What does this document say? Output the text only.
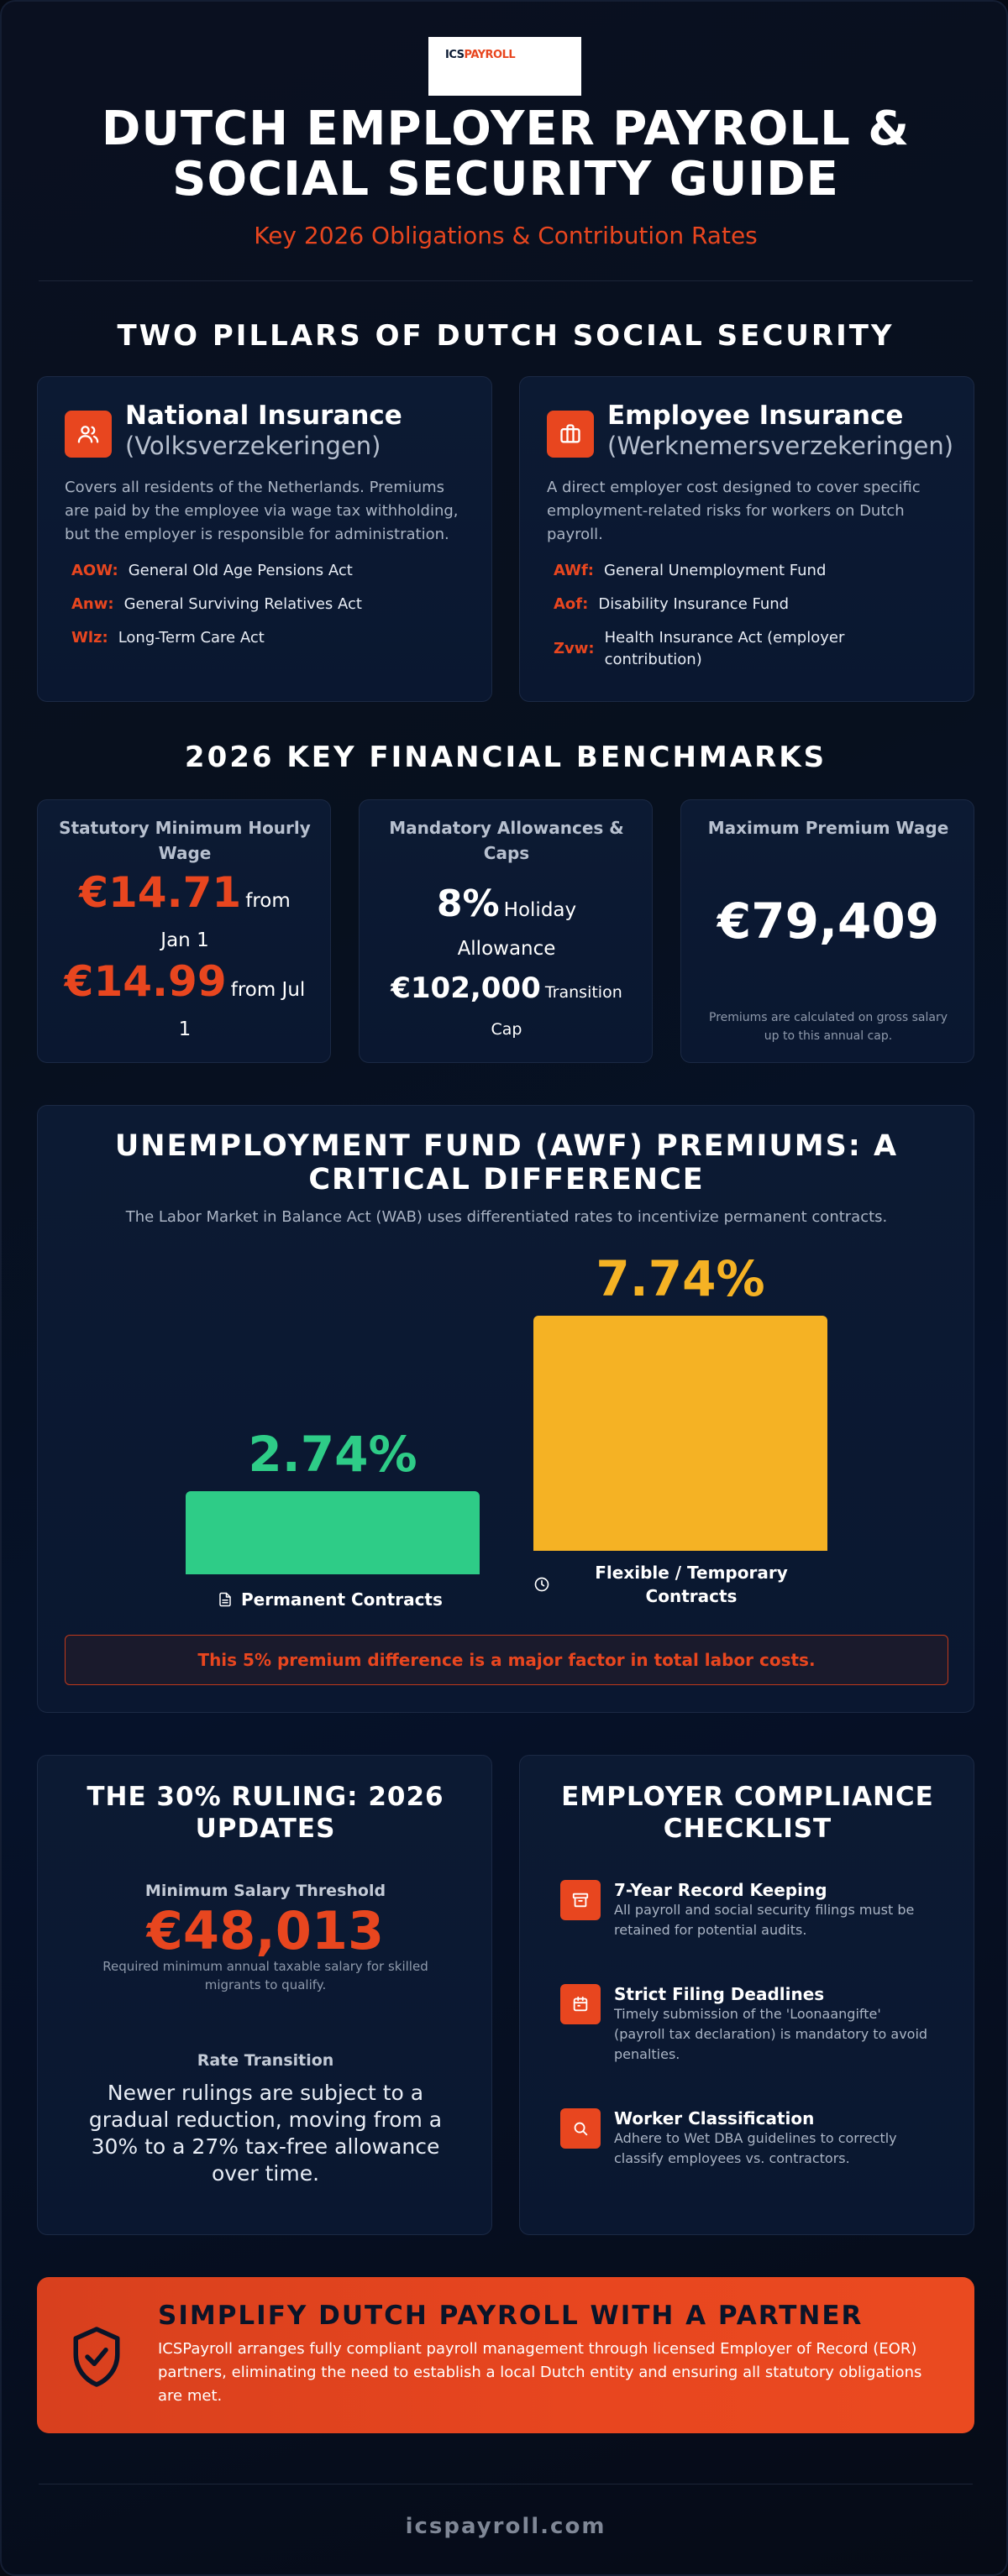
ICSPAYROLL
DUTCH EMPLOYER PAYROLL &
SOCIAL SECURITY GUIDE
Key 2026 Obligations & Contribution Rates
TWO PILLARS OF DUTCH SOCIAL SECURITY
National Insurance
(Volksverzekeringen)
Covers all residents of the Netherlands. Premiums
are paid by the employee via wage tax withholding,
but the employer is responsible for administration.
AOW: General Old Age Pensions Act
Anw: General Surviving Relatives Act
Wlz: Long-Term Care Act
Employee Insurance
(Werknemersverzekeringen)
A direct employer cost designed to cover specific
employment-related risks for workers on Dutch
payroll.
AWf: General Unemployment Fund
Aof: Disability Insurance Fund
Zvw:
Health Insurance Act (employer
contribution)
2026 KEY FINANCIAL BENCHMARKS
Statutory Minimum Hourly
Wage
€14.71 from
Jan 1
€14.99 from Jul
1
Mandatory Allowances &
Caps
8% Holiday
Allowance
€102,000 Transition
Cap
Maximum Premium Wage
€79,409
Premiums are calculated on gross salary
up to this annual cap.
UNEMPLOYMENT FUND (AWF) PREMIUMS: A
CRITICAL DIFFERENCE
The Labor Market in Balance Act (WAB) uses differentiated rates to incentivize permanent contracts.
2.74%
7.74%
Permanent Contracts
Flexible / Temporary
Contracts
This 5% premium difference is a major factor in total labor costs.
THE 30% RULING: 2026
UPDATES
Minimum Salary Threshold
€48,013
Required minimum annual taxable salary for skilled
migrants to qualify.
Rate Transition
Newer rulings are subject to a
gradual reduction, moving from a
30% to a 27% tax-free allowance
over time.
EMPLOYER COMPLIANCE
CHECKLIST
7-Year Record Keeping
All payroll and social security filings must be
retained for potential audits.
Strict Filing Deadlines
Timely submission of the 'Loonaangifte'
(payroll tax declaration) is mandatory to avoid
penalties.
Worker Classification
Adhere to Wet DBA guidelines to correctly
classify employees vs. contractors.
SIMPLIFY DUTCH PAYROLL WITH A PARTNER
ICSPayroll arranges fully compliant payroll management through licensed Employer of Record (EOR)
partners, eliminating the need to establish a local Dutch entity and ensuring all statutory obligations
are met.
icspayroll.com
